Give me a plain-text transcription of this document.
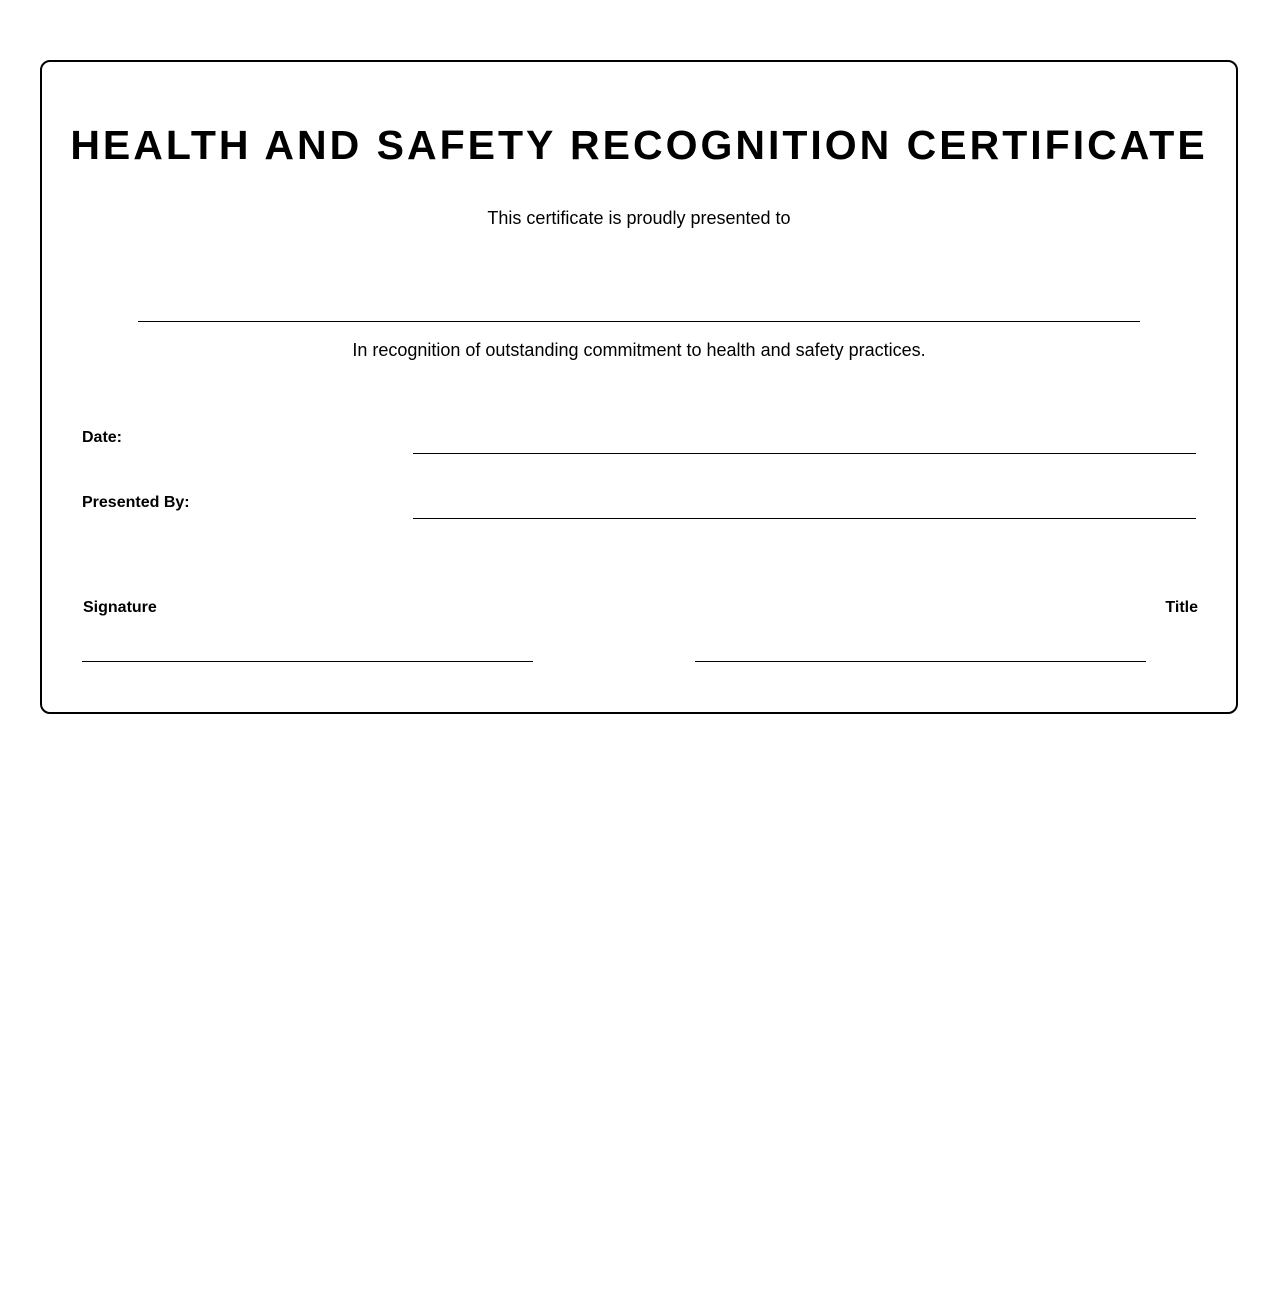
HEALTH AND SAFETY RECOGNITION CERTIFICATE
This certificate is proudly presented to
In recognition of outstanding commitment to health and safety practices.
Date:
Presented By:
Signature	Title
